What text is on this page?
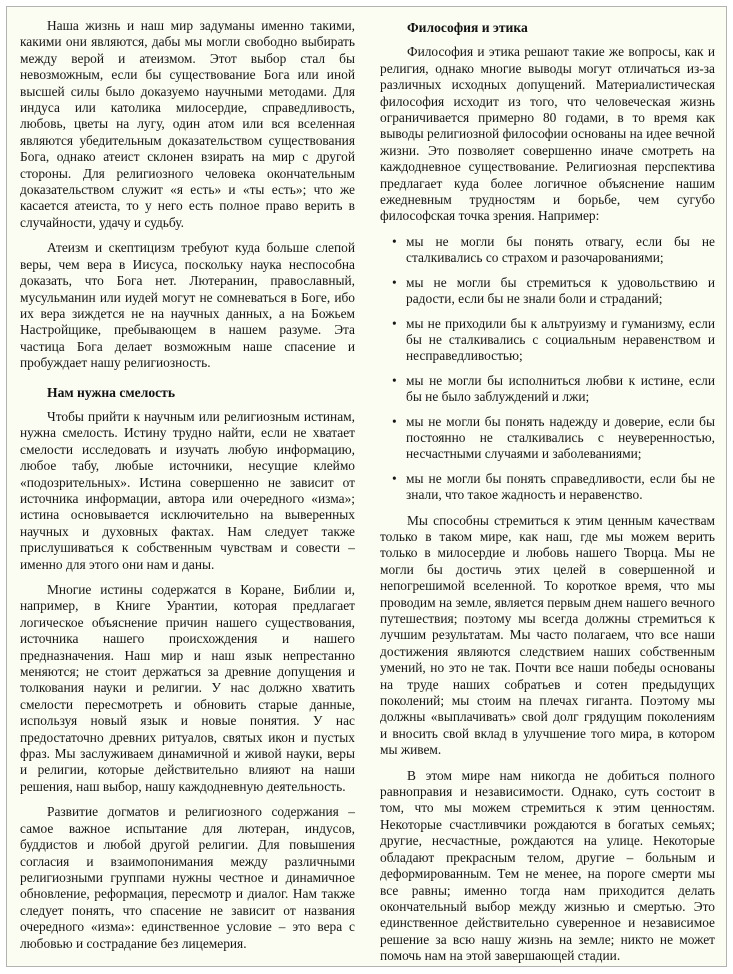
Наша жизнь и наш мир задуманы именно такими, какими они являются, дабы мы могли свободно выбирать между верой и атеизмом. Этот выбор стал бы невозможным, если бы существование Бога или иной высшей силы было доказуемо научными методами. Для индуса или католика милосердие, справедливость, любовь, цветы на лугу, один атом или вся вселенная являются убедительным доказательством существования Бога, однако атеист склонен взирать на мир с другой стороны. Для религиозного человека окончательным доказательством служит «я есть» и «ты есть»; что же касается атеиста, то у него есть полное право верить в случайности, удачу и судьбу.

Атеизм и скептицизм требуют куда больше слепой веры, чем вера в Иисуса, поскольку наука неспособна доказать, что Бога нет. Лютеранин, православный, мусульманин или иудей могут не сомневаться в Боге, ибо их вера зиждется не на научных данных, а на Божьем Настройщике, пребывающем в нашем разуме. Эта частица Бога делает возможным наше спасение и пробуждает нашу религиозность.

Нам нужна смелость

Чтобы прийти к научным или религиозным истинам, нужна смелость. Истину трудно найти, если не хватает смелости исследовать и изучать любую информацию, любое табу, любые источники, несущие клеймо «подозрительных». Истина совершенно не зависит от источника информации, автора или очередного «изма»; истина основывается исключительно на выверенных научных и духовных фактах. Нам следует также прислушиваться к собственным чувствам и совести – именно для этого они нам и даны.

Многие истины содержатся в Коране, Библии и, например, в Книге Урантии, которая предлагает логическое объяснение причин нашего существования, источника нашего происхождения и нашего предназначения. Наш мир и наш язык непрестанно меняются; не стоит держаться за древние допущения и толкования науки и религии. У нас должно хватить смелости пересмотреть и обновить старые данные, используя новый язык и новые понятия. У нас предостаточно древних ритуалов, святых икон и пустых фраз. Мы заслуживаем динамичной и живой науки, веры и религии, которые действительно влияют на наши решения, наш выбор, нашу каждодневную деятельность.

Развитие догматов и религиозного содержания – самое важное испытание для лютеран, индусов, буддистов и любой другой религии. Для повышения согласия и взаимопонимания между различными религиозными группами нужны честное и динамичное обновление, реформация, пересмотр и диалог. Нам также следует понять, что спасение не зависит от названия очередного «изма»: единственное условие – это вера с любовью и сострадание без лицемерия.

Философия и этика

Философия и этика решают такие же вопросы, как и религия, однако многие выводы могут отличаться из-за различных исходных допущений. Материалистическая философия исходит из того, что человеческая жизнь ограничивается примерно 80 годами, в то время как выводы религиозной философии основаны на идее вечной жизни. Это позволяет совершенно иначе смотреть на каждодневное существование. Религиозная перспектива предлагает куда более логичное объяснение нашим ежедневным трудностям и борьбе, чем сугубо философская точка зрения. Например:

• мы не могли бы понять отвагу, если бы не сталкивались со страхом и разочарованиями;
• мы не могли бы стремиться к удовольствию и радости, если бы не знали боли и страданий;
• мы не приходили бы к альтруизму и гуманизму, если бы не сталкивались с социальным неравенством и несправедливостью;
• мы не могли бы исполниться любви к истине, если бы не было заблуждений и лжи;
• мы не могли бы понять надежду и доверие, если бы постоянно не сталкивались с неуверенностью, несчастными случаями и заболеваниями;
• мы не могли бы понять справедливости, если бы не знали, что такое жадность и неравенство.

Мы способны стремиться к этим ценным качествам только в таком мире, как наш, где мы можем верить только в милосердие и любовь нашего Творца. Мы не могли бы достичь этих целей в совершенной и непогрешимой вселенной. То короткое время, что мы проводим на земле, является первым днем нашего вечного путешествия; поэтому мы всегда должны стремиться к лучшим результатам. Мы часто полагаем, что все наши достижения являются следствием наших собственным умений, но это не так. Почти все наши победы основаны на труде наших собратьев и сотен предыдущих поколений; мы стоим на плечах гиганта. Поэтому мы должны «выплачивать» свой долг грядущим поколениям и вносить свой вклад в улучшение того мира, в котором мы живем.

В этом мире нам никогда не добиться полного равноправия и независимости. Однако, суть состоит в том, что мы можем стремиться к этим ценностям. Некоторые счастливчики рождаются в богатых семьях; другие, несчастные, рождаются на улице. Некоторые обладают прекрасным телом, другие – больным и деформированным. Тем не менее, на пороге смерти мы все равны; именно тогда нам приходится делать окончательный выбор между жизнью и смертью. Это единственное действительно суверенное и независимое решение за всю нашу жизнь на земле; никто не может помочь нам на этой завершающей стадии.
